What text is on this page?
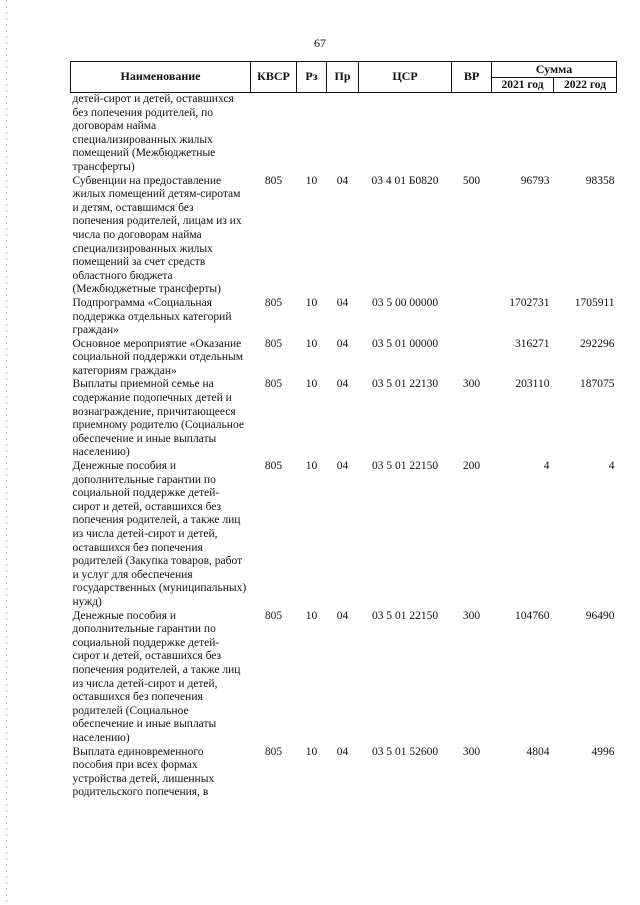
67
Наименование	КВСР	Рз	Пр	ЦСР	ВР	Сумма	
						2021 год	2022 год
детей-сирот и детей, оставшихся без попечения родителей, по договорам найма специализированных жилых помещений (Межбюджетные трансферты)							
Субвенции на предоставление жилых помещений детям-сиротам и детям, оставшимся без попечения родителей, лицам из их числа по договорам найма специализированных жилых помещений за счет средств областного бюджета (Межбюджетные трансферты)	805	10	04	03 4 01 Б0820	500	96793	98358
Подпрограмма «Социальная поддержка отдельных категорий граждан»	805	10	04	03 5 00 00000		1702731	1705911
Основное мероприятие «Оказание социальной поддержки отдельным категориям граждан»	805	10	04	03 5 01 00000		316271	292296
Выплаты приемной семье на содержание подопечных детей и вознаграждение, причитающееся приемному родителю (Социальное обеспечение и иные выплаты населению)	805	10	04	03 5 01 22130	300	203110	187075
Денежные пособия и дополнительные гарантии по социальной поддержке детей-сирот и детей, оставшихся без попечения родителей, а также лиц из числа детей-сирот и детей, оставшихся без попечения родителей (Закупка товаров, работ и услуг для обеспечения государственных (муниципальных) нужд)	805	10	04	03 5 01 22150	200	4	4
Денежные пособия и дополнительные гарантии по социальной поддержке детей-сирот и детей, оставшихся без попечения родителей, а также лиц из числа детей-сирот и детей, оставшихся без попечения родителей (Социальное обеспечение и иные выплаты населению)	805	10	04	03 5 01 22150	300	104760	96490
Выплата единовременного пособия при всех формах устройства детей, лишенных родительского попечения, в	805	10	04	03 5 01 52600	300	4804	4996
